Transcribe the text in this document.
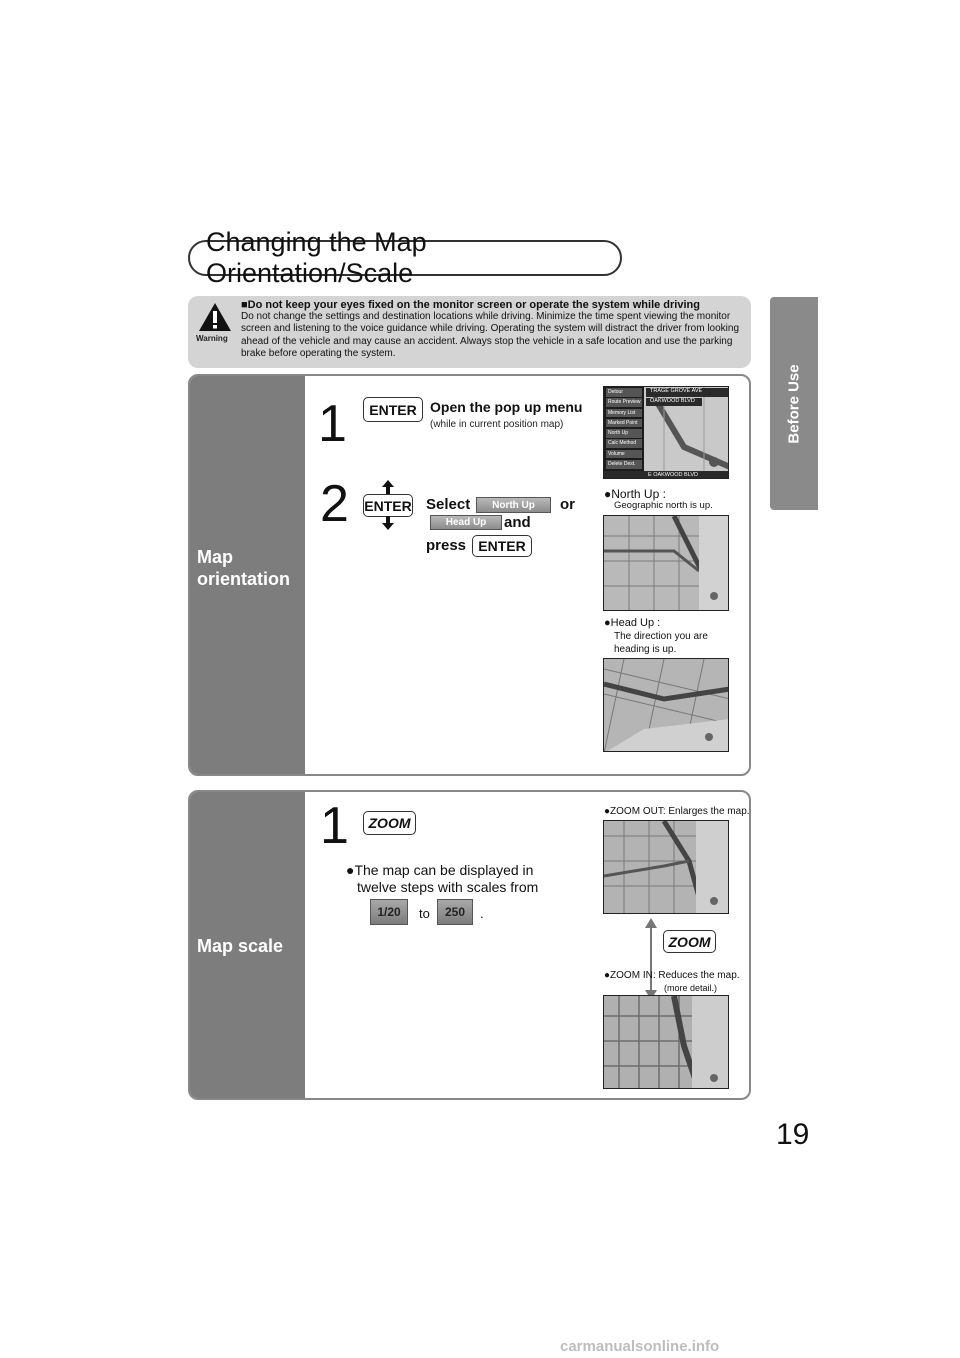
Changing the Map Orientation/Scale
Before Use
Warning
■Do not keep your eyes fixed on the monitor screen or operate the system while driving
Do not change the settings and destination locations while driving. Minimize the time spent viewing the monitor screen and listening to the voice guidance while driving. Operating the system will distract the driver from looking ahead of the vehicle and may cause an accident. Always stop the vehicle in a safe location and use the parking brake before operating the system.
Map
orientation
1	ENTER Open the pop up menu
(while in current position map)
Detour
Route Preview
Memory List
Marked Point
North Up
Calc Method
Volume
Delete Dest.
TRAGE GROVE AVE
OAKWOOD BLVD
E OAKWOOD BLVD
2 ENTER Select	North Up	or
Head Up	and
press ENTER
●North Up :
Geographic north is up.
●Head Up :
The direction you are
heading is up.
Map scale
1	ZOOM
●The map can be displayed in
twelve steps with scales from
1/20	to	250	.
●ZOOM OUT: Enlarges the map.
ZOOM
●ZOOM IN: Reduces the map.
(more detail.)
19
carmanualsonline.info
